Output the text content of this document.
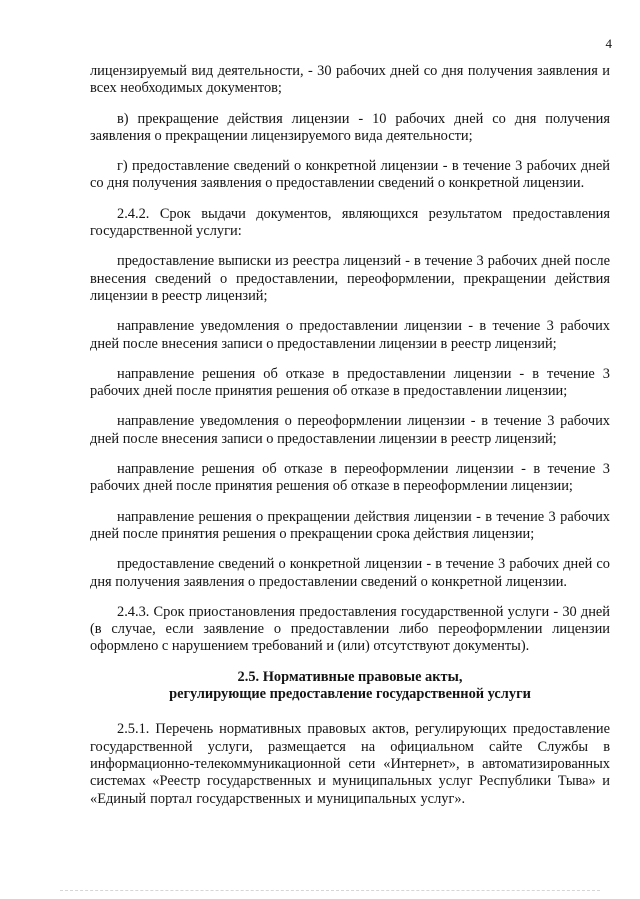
4

лицензируемый вид деятельности, - 30 рабочих дней со дня получения заявления и всех необходимых документов;

в) прекращение действия лицензии - 10 рабочих дней со дня получения заявления о прекращении лицензируемого вида деятельности;

г) предоставление сведений о конкретной лицензии - в течение 3 рабочих дней со дня получения заявления о предоставлении сведений о конкретной лицензии.

2.4.2. Срок выдачи документов, являющихся результатом предоставления государственной услуги:

предоставление выписки из реестра лицензий - в течение 3 рабочих дней после внесения сведений о предоставлении, переоформлении, прекращении действия лицензии в реестр лицензий;

направление уведомления о предоставлении лицензии - в течение 3 рабочих дней после внесения записи о предоставлении лицензии в реестр лицензий;

направление решения об отказе в предоставлении лицензии - в течение 3 рабочих дней после принятия решения об отказе в предоставлении лицензии;

направление уведомления о переоформлении лицензии - в течение 3 рабочих дней после внесения записи о предоставлении лицензии в реестр лицензий;

направление решения об отказе в переоформлении лицензии - в течение 3 рабочих дней после принятия решения об отказе в переоформлении лицензии;

направление решения о прекращении действия лицензии - в течение 3 рабочих дней после принятия решения о прекращении срока действия лицензии;

предоставление сведений о конкретной лицензии - в течение 3 рабочих дней со дня получения заявления о предоставлении сведений о конкретной лицензии.

2.4.3. Срок приостановления предоставления государственной услуги - 30 дней (в случае, если заявление о предоставлении либо переоформлении лицензии оформлено с нарушением требований и (или) отсутствуют документы).

2.5. Нормативные правовые акты,
регулирующие предоставление государственной услуги

2.5.1. Перечень нормативных правовых актов, регулирующих предоставление государственной услуги, размещается на официальном сайте Службы в информационно-телекоммуникационной сети «Интернет», в автоматизированных системах «Реестр государственных и муниципальных услуг Республики Тыва» и «Единый портал государственных и муниципальных услуг».
